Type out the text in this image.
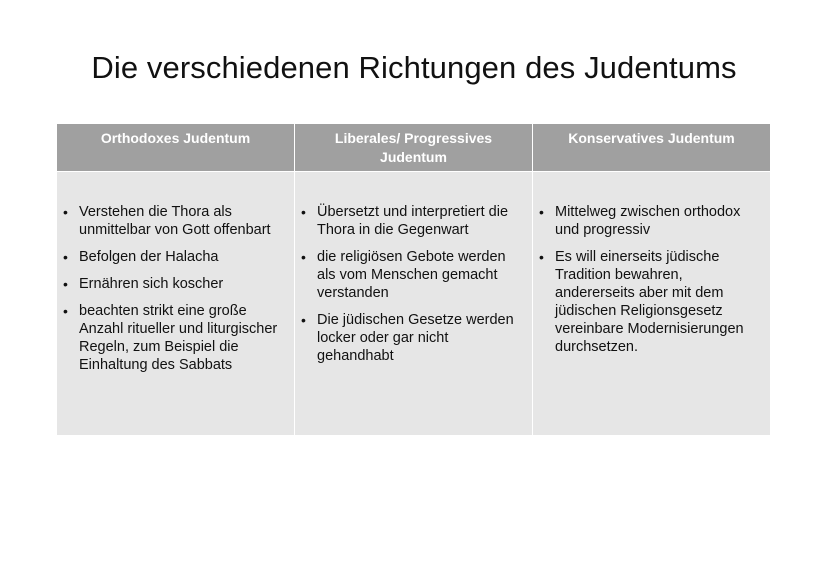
Die verschiedenen Richtungen des Judentums
Orthodoxes Judentum	Liberales/ Progressives Judentum
Konservatives Judentum
• Verstehen die Thora als unmittelbar von Gott offenbart
• Befolgen der Halacha
• Ernähren sich koscher
• beachten strikt eine große Anzahl ritueller und liturgischer Regeln, zum Beispiel die Einhaltung des Sabbats
• Übersetzt und interpretiert die Thora in die Gegenwart
• die religiösen Gebote werden als vom Menschen gemacht verstanden
• Die jüdischen Gesetze werden locker oder gar nicht gehandhabt
• Mittelweg zwischen orthodox und progressiv
• Es will einerseits jüdische Tradition bewahren, andererseits aber mit dem jüdischen Religionsgesetz vereinbare Modernisierungen durchsetzen.
